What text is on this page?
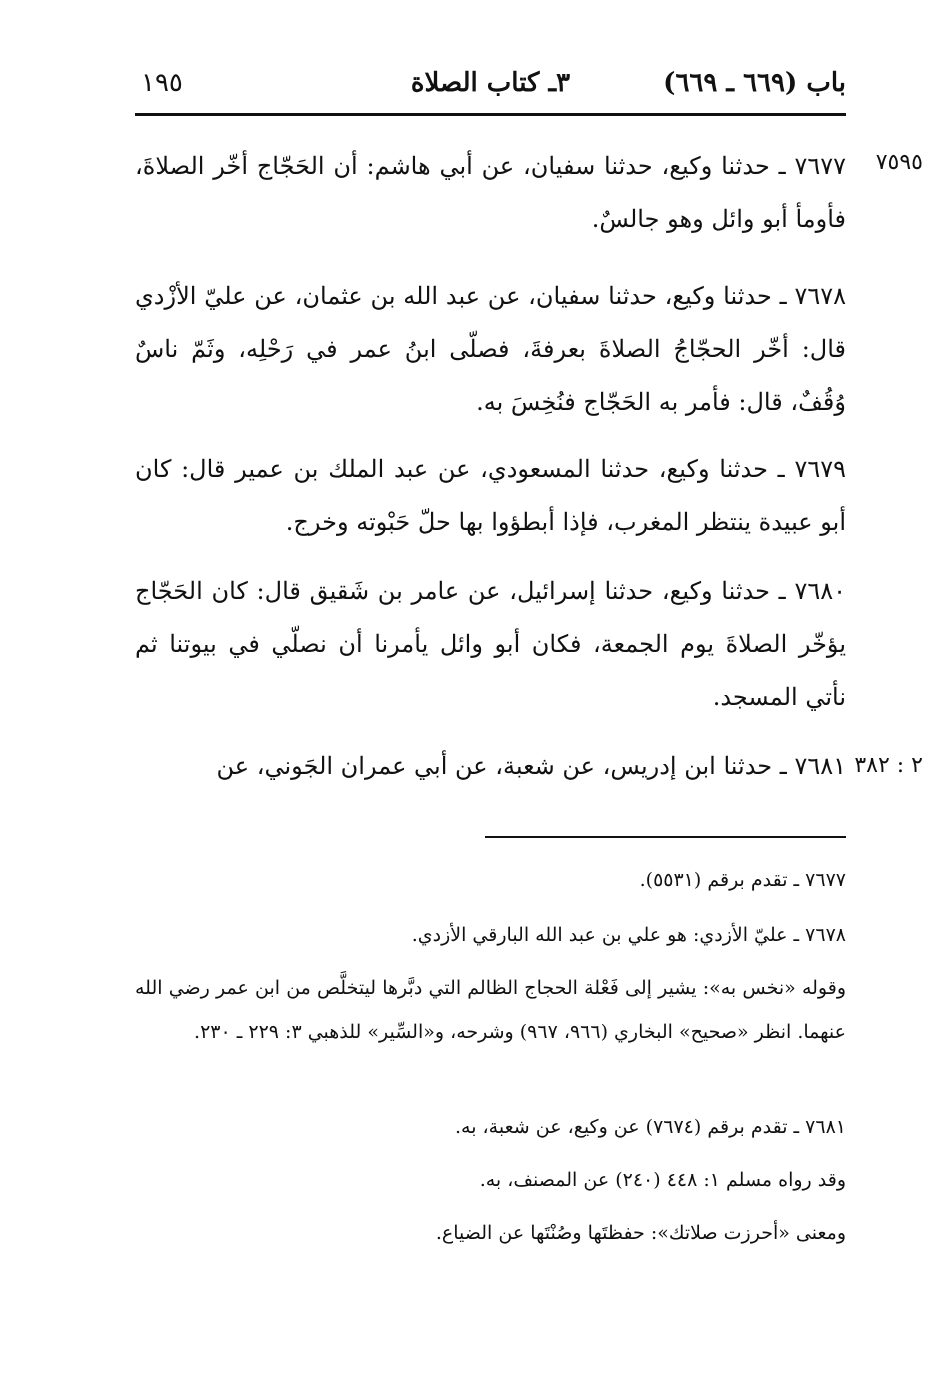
باب (٦٦٩ ـ ٦٦٩)
٣ـ كتاب الصلاة
١٩٥
٧٥٩٥
٢ : ٣٨٢

٧٦٧٧ ـ حدثنا وكيع، حدثنا سفيان، عن أبي هاشم: أن الحَجّاج أخّر الصلاةَ، فأومأ أبو وائل وهو جالسٌ.

٧٦٧٨ ـ حدثنا وكيع، حدثنا سفيان، عن عبد الله بن عثمان، عن عليّ الأزْدي قال: أخّر الحجّاجُ الصلاةَ بعرفةَ، فصلّى ابنُ عمر في رَحْلِه، وثَمّ ناسٌ وُقُفٌ، قال: فأمر به الحَجّاج فنُخِسَ به.

٧٦٧٩ ـ حدثنا وكيع، حدثنا المسعودي، عن عبد الملك بن عمير قال: كان أبو عبيدة ينتظر المغرب، فإذا أبطؤوا بها حلّ حَبْوته وخرج.

٧٦٨٠ ـ حدثنا وكيع، حدثنا إسرائيل، عن عامر بن شَقيق قال: كان الحَجّاج يؤخّر الصلاةَ يوم الجمعة، فكان أبو وائل يأمرنا أن نصلّي في بيوتنا ثم نأتي المسجد.

٧٦٨١ ـ حدثنا ابن إدريس، عن شعبة، عن أبي عمران الجَوني، عن

٧٦٧٧ ـ تقدم برقم (٥٥٣١).

٧٦٧٨ ـ عليّ الأزدي: هو علي بن عبد الله البارقي الأزدي.

وقوله «نخس به»: يشير إلى فَعْلة الحجاج الظالم التي دبَّرها ليتخلَّص من ابن عمر رضي الله عنهما. انظر «صحيح» البخاري (٩٦٦، ٩٦٧) وشرحه، و«السِّير» للذهبي ٣: ٢٢٩ ـ ٢٣٠.

٧٦٨١ ـ تقدم برقم (٧٦٧٤) عن وكيع، عن شعبة، به.

وقد رواه مسلم ١: ٤٤٨ (٢٤٠) عن المصنف، به.

ومعنى «أحرزت صلاتك»: حفظتَها وصُنْتَها عن الضياع.
